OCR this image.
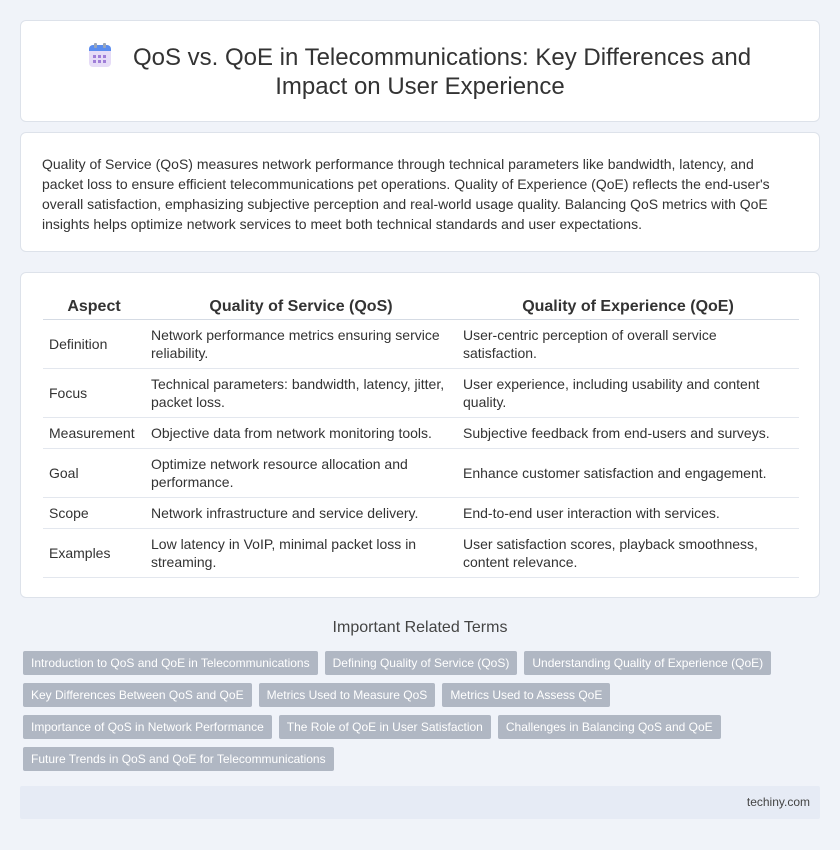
QoS vs. QoE in Telecommunications: Key Differences and Impact on User Experience

Quality of Service (QoS) measures network performance through technical parameters like bandwidth, latency, and packet loss to ensure efficient telecommunications pet operations. Quality of Experience (QoE) reflects the end-user's overall satisfaction, emphasizing subjective perception and real-world usage quality. Balancing QoS metrics with QoE insights helps optimize network services to meet both technical standards and user expectations.

Aspect	Quality of Service (QoS)	Quality of Experience (QoE)
Definition	Network performance metrics ensuring service reliability.	User-centric perception of overall service satisfaction.
Focus	Technical parameters: bandwidth, latency, jitter, packet loss.	User experience, including usability and content quality.
Measurement	Objective data from network monitoring tools.	Subjective feedback from end-users and surveys.
Goal	Optimize network resource allocation and performance.	Enhance customer satisfaction and engagement.
Scope	Network infrastructure and service delivery.	End-to-end user interaction with services.
Examples	Low latency in VoIP, minimal packet loss in streaming.	User satisfaction scores, playback smoothness, content relevance.
Important Related Terms
Introduction to QoS and QoE in Telecommunications	Defining Quality of Service (QoS)	Understanding Quality of Experience (QoE)
Key Differences Between QoS and QoE	Metrics Used to Measure QoS	Metrics Used to Assess QoE
Importance of QoS in Network Performance	The Role of QoE in User Satisfaction	Challenges in Balancing QoS and QoE
Future Trends in QoS and QoE for Telecommunications
techiny.com
